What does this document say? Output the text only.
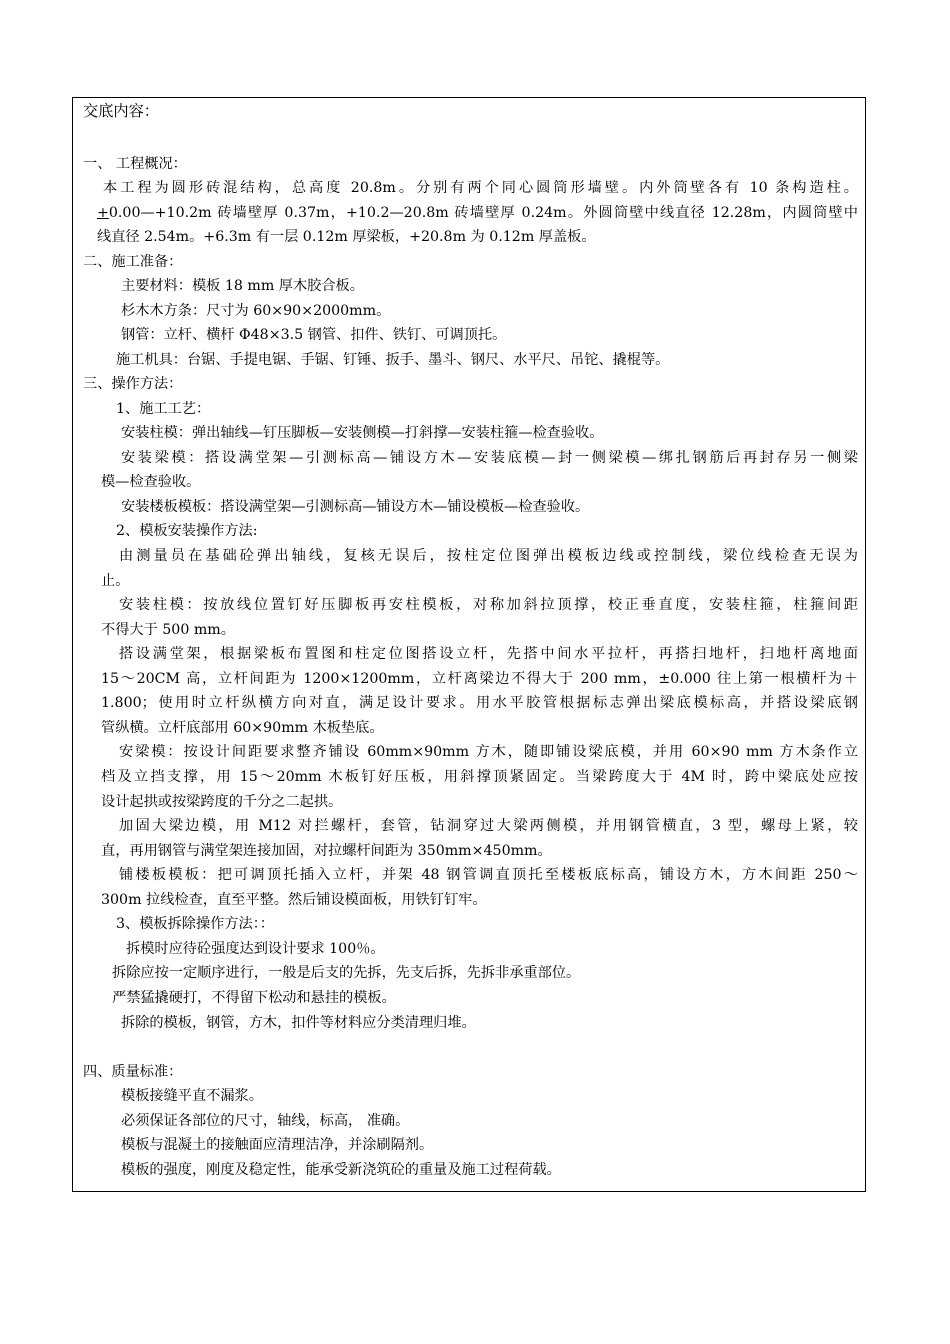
交底内容：
一、 工程概况：
本工程为圆形砖混结构，总高度 20.8m。分别有两个同心圆筒形墙壁。内外筒壁各有 10 条构造柱。
+ 0.00—+10.2m 砖墙壁厚 0.37m，+10.2—20.8m 砖墙壁厚 0.24m。外圆筒壁中线直径 12.28m，内圆筒壁中
线直径 2.54m。+6.3m 有一层 0.12m 厚梁板，+20.8m 为 0.12m 厚盖板。
二、施工准备：
主要材料：模板 18 mm 厚木胶合板。
杉木木方条：尺寸为 60×90×2000mm。
钢管：立杆、横杆 Φ48×3.5 钢管、扣件、铁钉、可调顶托。
施工机具：台锯、手提电锯、手锯、钉锤、扳手、墨斗、钢尺、水平尺、吊铊、撬棍等。
三、操作方法：
1、施工工艺：
安装柱模：弹出轴线—钉压脚板—安装侧模—打斜撑—安装柱箍—检查验收。
安装梁模：搭设满堂架—引测标高—铺设方木—安装底模—封一侧梁模—绑扎钢筋后再封存另一侧梁
模—检查验收。
安装楼板模板：搭设满堂架—引测标高—铺设方木—铺设模板—检查验收。
2、模板安装操作方法:
由测量员在基础砼弹出轴线，复核无误后，按柱定位图弹出模板边线或控制线，梁位线检查无误为
止。
安装柱模：按放线位置钉好压脚板再安柱模板，对称加斜拉顶撑，校正垂直度，安装柱箍，柱箍间距
不得大于 500 mm。
搭设满堂架，根据梁板布置图和柱定位图搭设立杆，先搭中间水平拉杆，再搭扫地杆，扫地杆离地面
15～20CM 高，立杆间距为 1200×1200mm，立杆离梁边不得大于 200 mm，±0.000 往上第一根横杆为＋
1.800；使用时立杆纵横方向对直，满足设计要求。用水平胶管根据标志弹出梁底模标高，并搭设梁底钢
管纵横。立杆底部用 60×90mm 木板垫底。
安梁模：按设计间距要求整齐铺设 60mm×90mm 方木，随即铺设梁底模，并用 60×90 mm 方木条作立
档及立挡支撑，用 15～20mm 木板钉好压板，用斜撑顶紧固定。当梁跨度大于 4M 时，跨中梁底处应按
设计起拱或按梁跨度的千分之二起拱。
加固大梁边模，用 M12 对拦螺杆，套管，钻洞穿过大梁两侧模，并用钢管横直，3 型，螺母上紧，较
直，再用钢管与满堂架连接加固，对拉螺杆间距为 350mm×450mm。
铺楼板模板：把可调顶托插入立杆，并架 48 钢管调直顶托至楼板底标高，铺设方木，方木间距 250～
300m 拉线检查，直至平整。然后铺设模面板，用铁钉钉牢。
3、模板拆除操作方法：：
拆模时应待砼强度达到设计要求 100％。
拆除应按一定顺序进行，一般是后支的先拆，先支后拆，先拆非承重部位。
严禁猛撬硬打，不得留下松动和悬挂的模板。
拆除的模板，钢管，方木，扣件等材料应分类清理归堆。
四、质量标准：
模板接缝平直不漏浆。
必须保证各部位的尺寸，轴线，标高， 准确。
模板与混凝土的接触面应清理洁净，并涂刷隔剂。
模板的强度，刚度及稳定性，能承受新浇筑砼的重量及施工过程荷载。
